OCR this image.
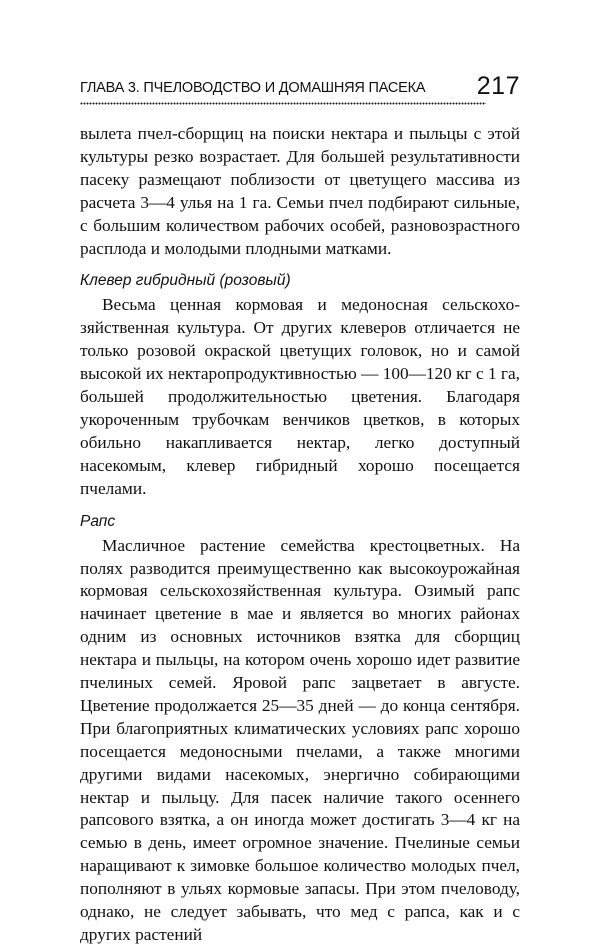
ГЛАВА 3. ПЧЕЛОВОДСТВО И ДОМАШНЯЯ ПАСЕКА 217

вылета пчел-сборщиц на поиски нектара и пыльцы с этой культуры резко возрастает. Для большей результативности пасеку размещают поблизости от цветущего массива из расчета 3—4 улья на 1 га. Семьи пчел подбирают сильные, с большим количеством рабочих особей, разновозрастного расплода и молодыми плодными матками.

Клевер гибридный (розовый)

Весьма ценная кормовая и медоносная сельскохозяйственная культура. От других клеверов отличается не только розовой окраской цветущих головок, но и самой высокой их нектаропродуктивностью — 100—120 кг с 1 га, большей продолжительностью цветения. Благодаря укороченным трубочкам венчиков цветков, в которых обильно накапливается нектар, легко доступный насекомым, клевер гибридный хорошо посещается пчелами.

Рапс

Масличное растение семейства крестоцветных. На полях разводится преимущественно как высокоурожайная кормовая сельскохозяйственная культура. Озимый рапс начинает цветение в мае и является во многих районах одним из основных источников взятка для сборщиц нектара и пыльцы, на котором очень хорошо идет развитие пчелиных семей. Яровой рапс зацветает в августе. Цветение продолжается 25—35 дней — до конца сентября. При благоприятных климатических условиях рапс хорошо посещается медоносными пчелами, а также многими другими видами насекомых, энергично собирающими нектар и пыльцу. Для пасек наличие такого осеннего рапсового взятка, а он иногда может достигать 3—4 кг на семью в день, имеет огромное значение. Пчелиные семьи наращивают к зимовке большое количество молодых пчел, пополняют в ульях кормовые запасы. При этом пчеловоду, однако, не следует забывать, что мед с рапса, как и с других растений
